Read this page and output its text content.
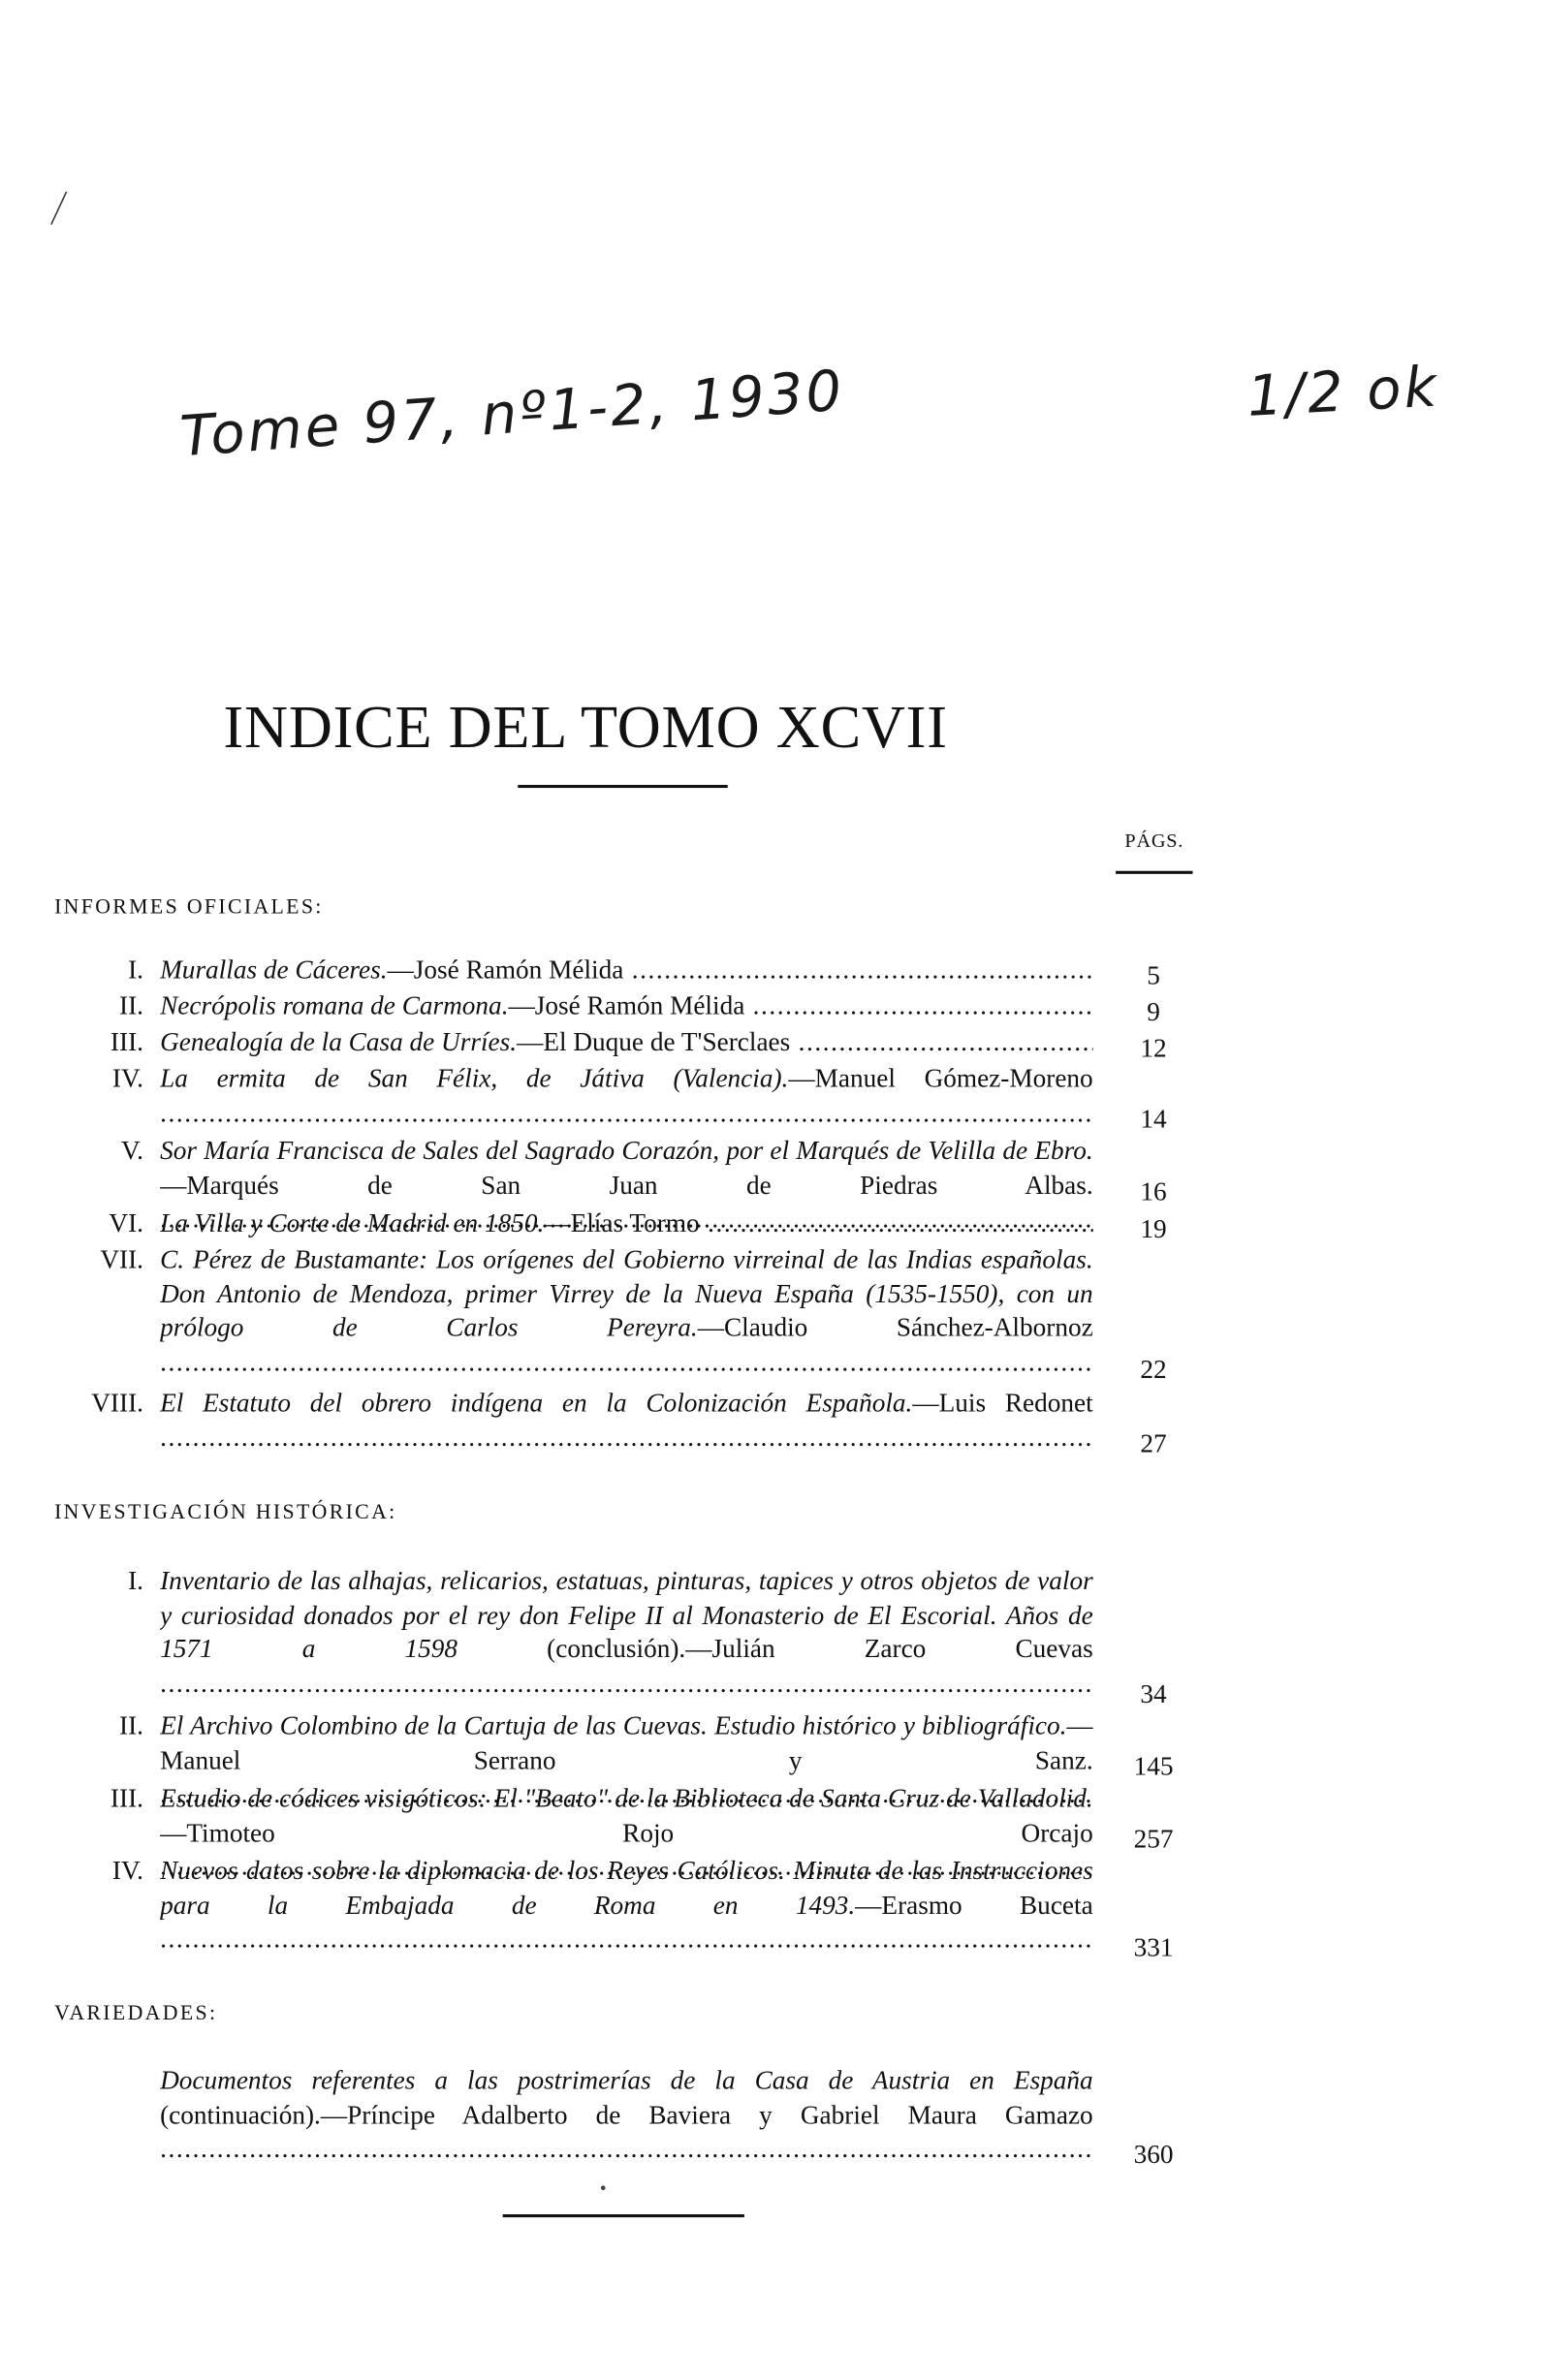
Tome 97, nº1-2, 1930	1/2 ok
INDICE DEL TOMO XCVII
PÁGS.
INFORMES OFICIALES:
I. Murallas de Cáceres.—José Ramón Mélida .....	5
II. Necrópolis romana de Carmona.—José Ramón Mélida .....	9
III. Genealogía de la Casa de Urríes.—El Duque de T'Serclaes .....	12
IV. La ermita de San Félix, de Játiva (Valencia).—Manuel Gómez-Moreno .....
14
V. Sor María Francisca de Sales del Sagrado Corazón, por el Marqués de Velilla de Ebro.—Marqués de San Juan de Piedras Albas. .....	16
VI. La Villa y Corte de Madrid en 1850.—Elías Tormo .....	19
VII. C. Pérez de Bustamante: Los orígenes del Gobierno virreinal de las Indias españolas. Don Antonio de Mendoza, primer Virrey de la Nueva España (1535-1550), con un prólogo de Carlos Pereyra.—Claudio Sánchez-Albornoz .....
22
VIII. El Estatuto del obrero indígena en la Colonización Española.—Luis Redonet .....
27
INVESTIGACIÓN HISTÓRICA:
I. Inventario de las alhajas, relicarios, estatuas, pinturas, tapices y otros objetos de valor y curiosidad donados por el rey don Felipe II al Monasterio de El Escorial. Años de 1571 a 1598 (conclusión).—Julián Zarco Cuevas .....
34
II. El Archivo Colombino de la Cartuja de las Cuevas. Estudio histórico y bibliográfico.—Manuel Serrano y Sanz. .....	145
III. Estudio de códices visigóticos: El "Beato" de la Biblioteca de Santa Cruz de Valladolid.—Timoteo Rojo Orcajo .....	257
IV. Nuevos datos sobre la diplomacia de los Reyes Católicos. Minuta de las Instrucciones para la Embajada de Roma en 1493.—Erasmo Buceta .....
331
VARIEDADES:
Documentos referentes a las postrimerías de la Casa de Austria en España (continuación).—Príncipe Adalberto de Baviera y Gabriel Maura Gamazo .....
360
